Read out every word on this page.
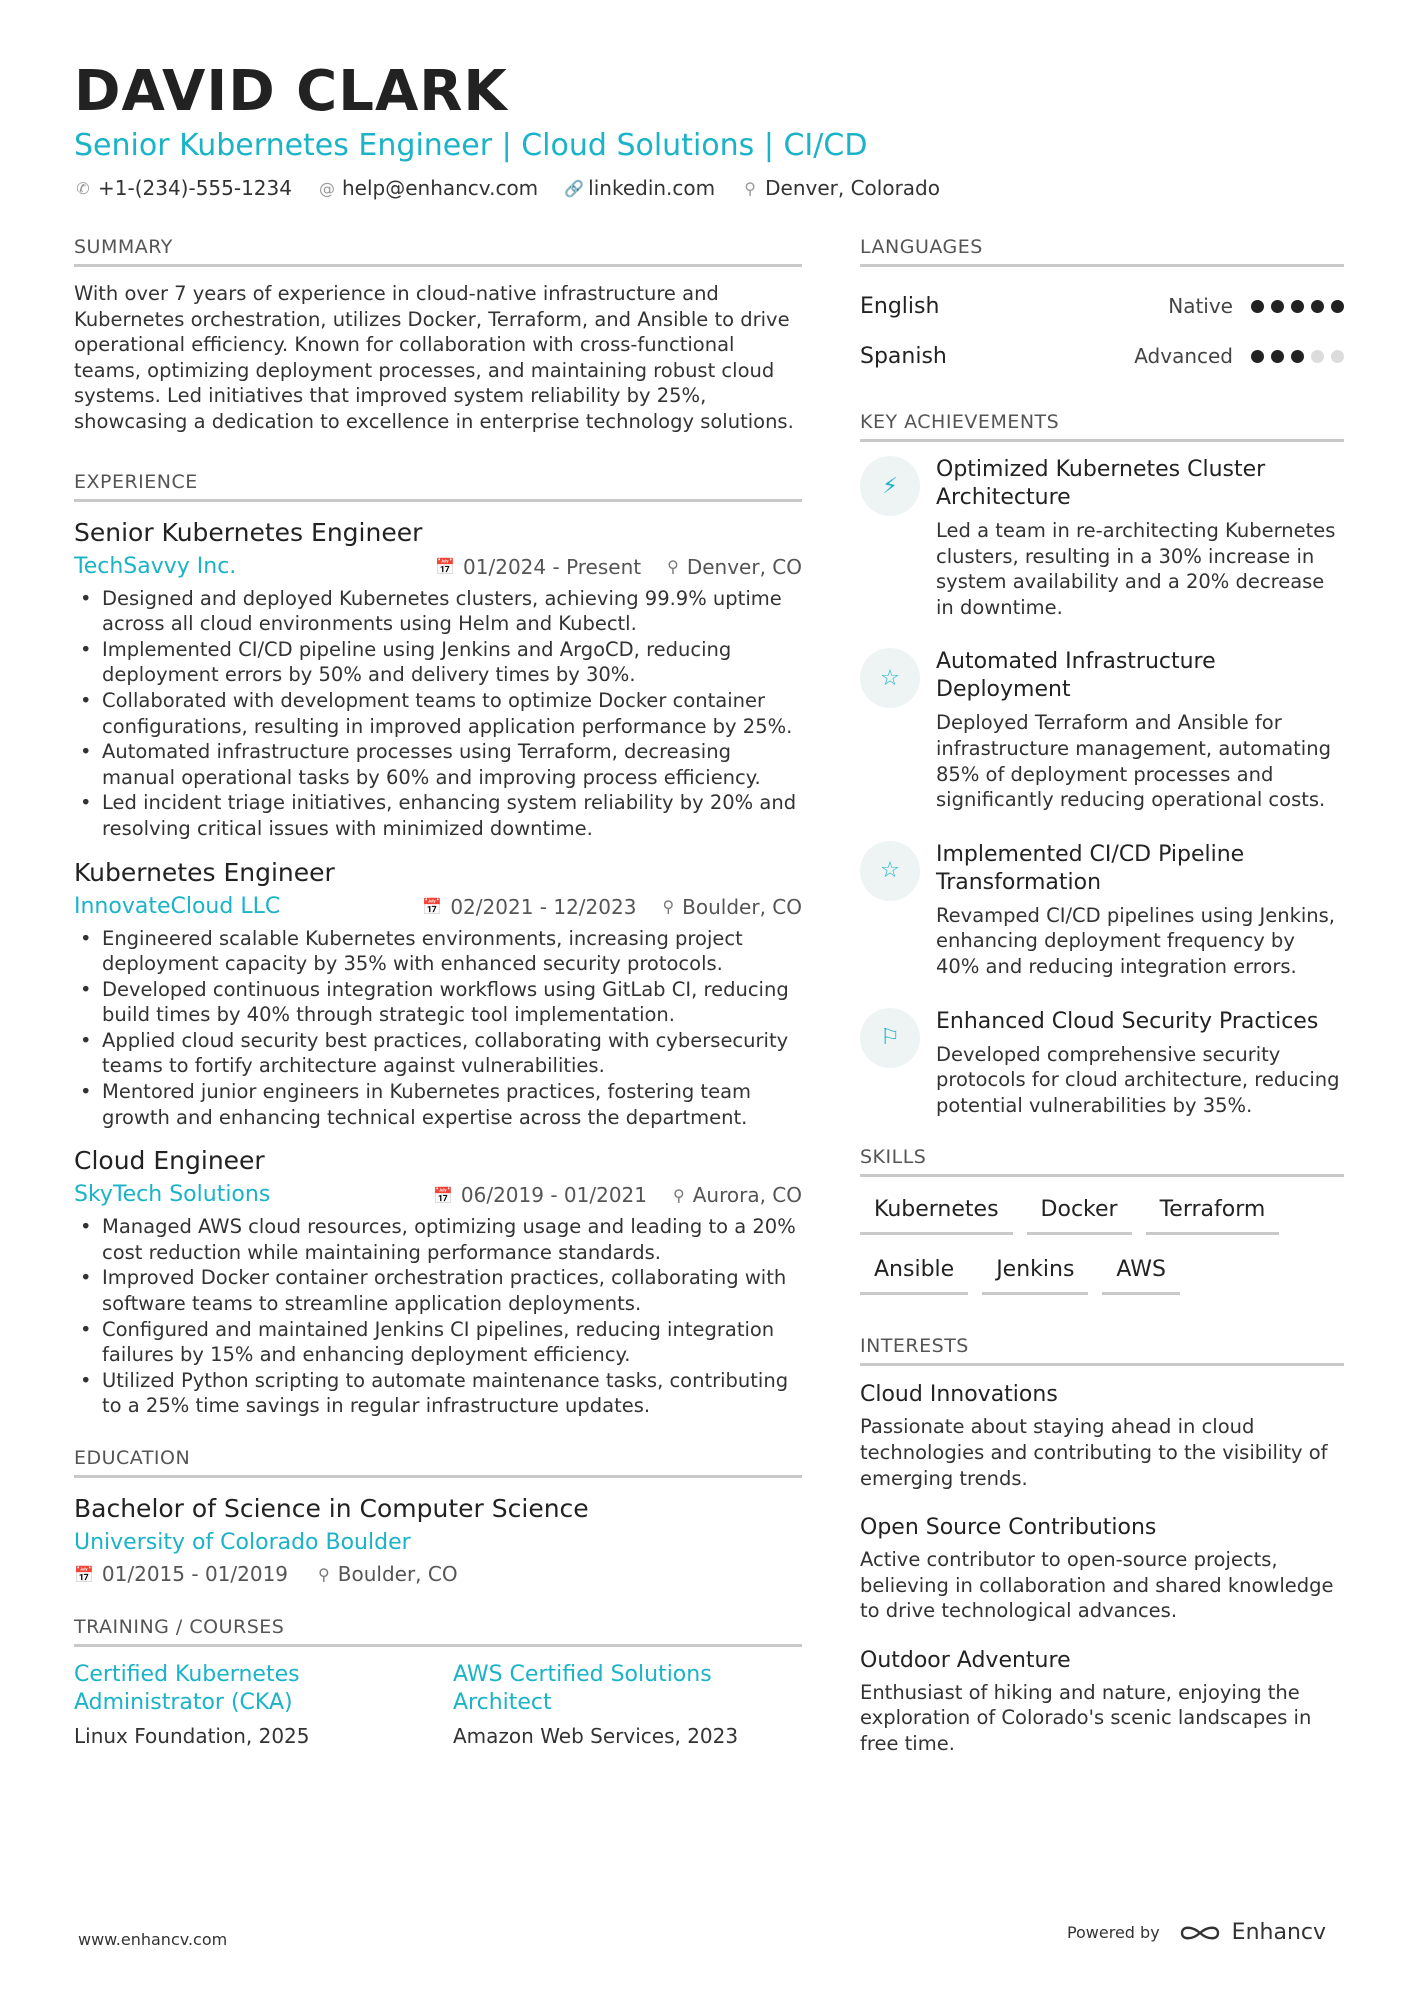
DAVID CLARK
Senior Kubernetes Engineer | Cloud Solutions | CI/CD
✆ +1-(234)-555-1234 @ help@enhancv.com 🔗 linkedin.com ⚲ Denver, Colorado
SUMMARY
With over 7 years of experience in cloud-native infrastructure and Kubernetes orchestration, utilizes Docker, Terraform, and Ansible to drive operational efficiency. Known for collaboration with cross-functional teams, optimizing deployment processes, and maintaining robust cloud systems. Led initiatives that improved system reliability by 25%, showcasing a dedication to excellence in enterprise technology solutions.
EXPERIENCE
Senior Kubernetes Engineer
TechSavvy Inc.	📅 01/2024 - Present ⚲ Denver, CO
• Designed and deployed Kubernetes clusters, achieving 99.9% uptime across all cloud environments using Helm and Kubectl.
• Implemented CI/CD pipeline using Jenkins and ArgoCD, reducing deployment errors by 50% and delivery times by 30%.
• Collaborated with development teams to optimize Docker container configurations, resulting in improved application performance by 25%.
• Automated infrastructure processes using Terraform, decreasing manual operational tasks by 60% and improving process efficiency.
• Led incident triage initiatives, enhancing system reliability by 20% and resolving critical issues with minimized downtime.
Kubernetes Engineer
InnovateCloud LLC	📅 02/2021 - 12/2023 ⚲ Boulder, CO
• Engineered scalable Kubernetes environments, increasing project deployment capacity by 35% with enhanced security protocols.
• Developed continuous integration workflows using GitLab CI, reducing build times by 40% through strategic tool implementation.
• Applied cloud security best practices, collaborating with cybersecurity teams to fortify architecture against vulnerabilities.
• Mentored junior engineers in Kubernetes practices, fostering team growth and enhancing technical expertise across the department.
Cloud Engineer
SkyTech Solutions	📅 06/2019 - 01/2021 ⚲ Aurora, CO
• Managed AWS cloud resources, optimizing usage and leading to a 20% cost reduction while maintaining performance standards.
• Improved Docker container orchestration practices, collaborating with software teams to streamline application deployments.
• Configured and maintained Jenkins CI pipelines, reducing integration failures by 15% and enhancing deployment efficiency.
• Utilized Python scripting to automate maintenance tasks, contributing to a 25% time savings in regular infrastructure updates.
EDUCATION
Bachelor of Science in Computer Science
University of Colorado Boulder
📅 01/2015 - 01/2019 ⚲ Boulder, CO
TRAINING / COURSES
Certified Kubernetes Administrator (CKA)
Linux Foundation, 2025
AWS Certified Solutions Architect
Amazon Web Services, 2023
LANGUAGES
English	Native
Spanish	Advanced
KEY ACHIEVEMENTS
⚡︎
Optimized Kubernetes Cluster Architecture
Led a team in re-architecting Kubernetes clusters, resulting in a 30% increase in system availability and a 20% decrease in downtime.
☆
Automated Infrastructure Deployment
Deployed Terraform and Ansible for infrastructure management, automating 85% of deployment processes and significantly reducing operational costs.
☆
Implemented CI/CD Pipeline Transformation
Revamped CI/CD pipelines using Jenkins, enhancing deployment frequency by 40% and reducing integration errors.
⚐
Enhanced Cloud Security Practices
Developed comprehensive security protocols for cloud architecture, reducing potential vulnerabilities by 35%.
SKILLS
Kubernetes	Docker	Terraform
Ansible	Jenkins	AWS
INTERESTS
Cloud Innovations
Passionate about staying ahead in cloud technologies and contributing to the visibility of emerging trends.
Open Source Contributions
Active contributor to open-source projects, believing in collaboration and shared knowledge to drive technological advances.
Outdoor Adventure
Enthusiast of hiking and nature, enjoying the exploration of Colorado's scenic landscapes in free time.
www.enhancv.com	Powered by	Enhancv
